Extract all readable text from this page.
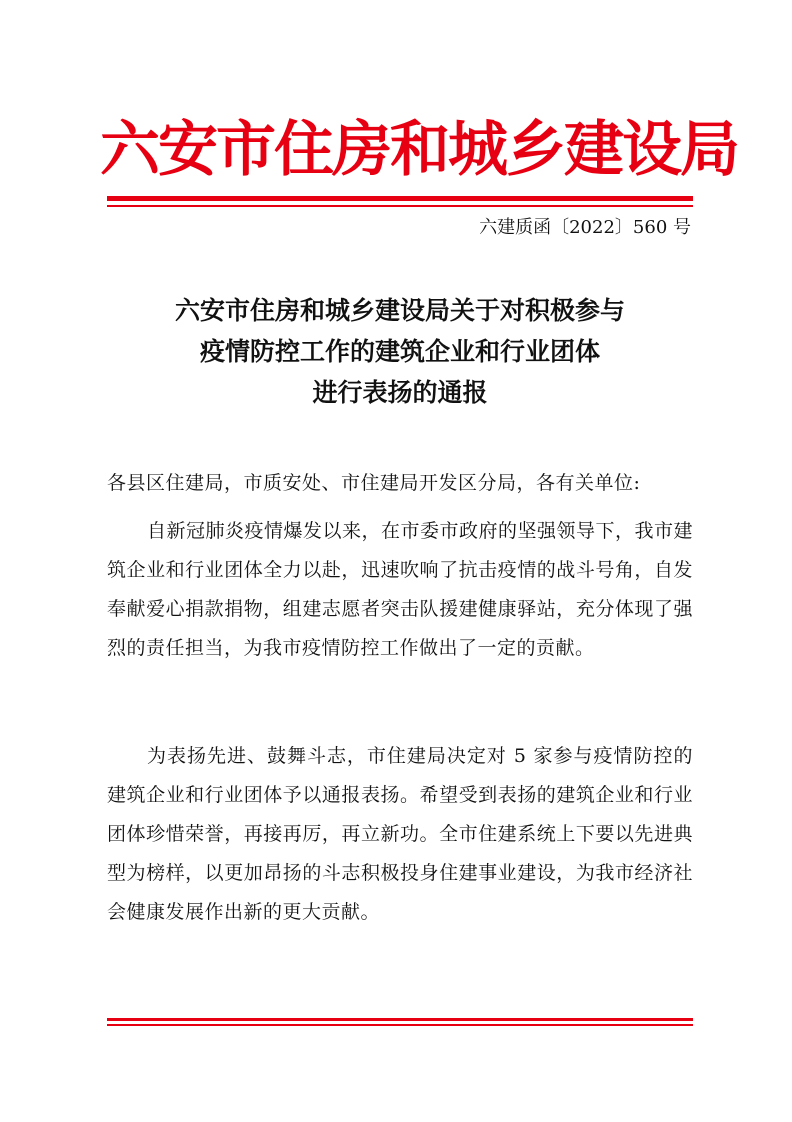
六安市住房和城乡建设局
六建质函〔2022〕560 号
六安市住房和城乡建设局关于对积极参与
疫情防控工作的建筑企业和行业团体
进行表扬的通报
各县区住建局，市质安处、市住建局开发区分局，各有关单位:
自新冠肺炎疫情爆发以来，在市委市政府的坚强领导下，我市建筑企业和行业团体全力以赴，迅速吹响了抗击疫情的战斗号角，自发奉献爱心捐款捐物，组建志愿者突击队援建健康驿站，充分体现了强烈的责任担当，为我市疫情防控工作做出了一定的贡献。
为表扬先进、鼓舞斗志，市住建局决定对 5 家参与疫情防控的建筑企业和行业团体予以通报表扬。希望受到表扬的建筑企业和行业团体珍惜荣誉，再接再厉，再立新功。全市住建系统上下要以先进典型为榜样，以更加昂扬的斗志积极投身住建事业建设，为我市经济社会健康发展作出新的更大贡献。
